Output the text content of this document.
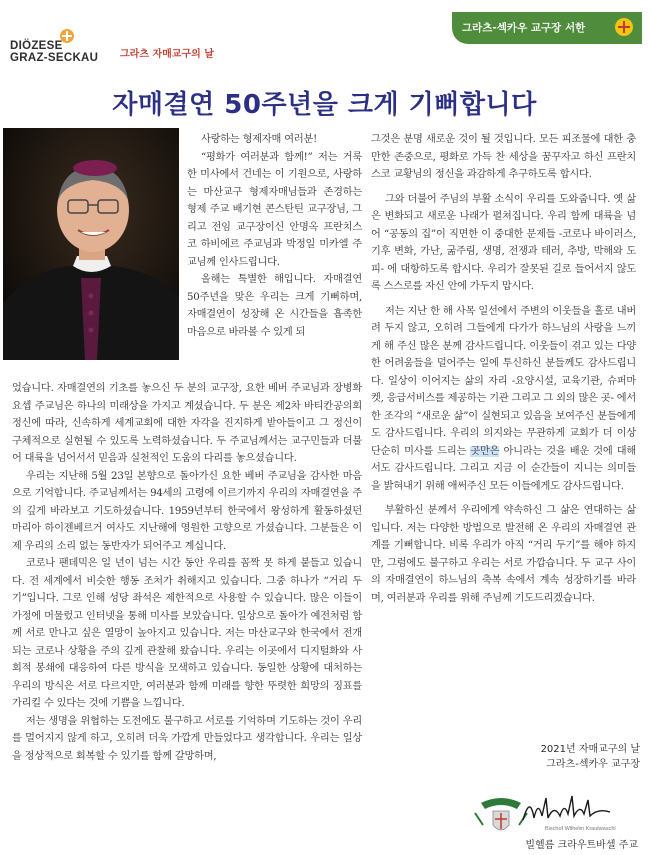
DIÖZESE
GRAZ-SECKAU	그라츠 자매교구의 날
그라츠-섹카우 교구장 서한
자매결연 50주년을 크게 기뻐합니다

사랑하는 형제자매 여러분!

“평화가 여러분과 함께!” 저는 거룩한 미사에서 건네는 이 기원으로, 사랑하는 마산교구 형제자매님들과 존경하는 형제 주교 배기현 콘스탄틴 교구장님, 그리고 전임 교구장이신 안명옥 프란치스코 하비에르 주교님과 박정일 미카엘 주교님께 인사드립니다.

올해는 특별한 해입니다. 자매결연 50주년을 맞은 우리는 크게 기뻐하며, 자매결연이 성장해 온 시간들을 흡족한 마음으로 바라볼 수 있게 되

었습니다. 자매결연의 기초를 놓으신 두 분의 교구장, 요한 베버 주교님과 장병화 요셉 주교님은 하나의 미래상을 가지고 계셨습니다. 두 분은 제2차 바티칸공의회 정신에 따라, 신속하게 세계교회에 대한 자각을 진지하게 받아들이고 그 정신이 구체적으로 실현될 수 있도록 노력하셨습니다. 두 주교님께서는 교구민들과 더불어 대륙을 넘어서서 믿음과 실천적인 도움의 다리를 놓으셨습니다.

우리는 지난해 5월 23일 본향으로 돌아가신 요한 베버 주교님을 감사한 마음으로 기억합니다. 주교님께서는 94세의 고령에 이르기까지 우리의 자매결연을 주의 깊게 바라보고 기도하셨습니다. 1959년부터 한국에서 왕성하게 활동하셨던 마리아 하이젠베르거 여사도 지난해에 영원한 고향으로 가셨습니다. 그분들은 이제 우리의 소리 없는 동반자가 되어주고 계십니다.

코로나 팬데믹은 일 년이 넘는 시간 동안 우리를 꼼짝 못 하게 붙들고 있습니다. 전 세계에서 비슷한 행동 조처가 취해지고 있습니다. 그중 하나가 “거리 두기”입니다. 그로 인해 성당 좌석은 제한적으로 사용할 수 있습니다. 많은 이들이 가정에 머물렀고 인터넷을 통해 미사를 보았습니다. 일상으로 돌아가 예전처럼 함께 서로 만나고 싶은 열망이 높아지고 있습니다. 저는 마산교구와 한국에서 전개되는 코로나 상황을 주의 깊게 관찰해 왔습니다. 우리는 이곳에서 디지털화와 사회적 봉쇄에 대응하여 다른 방식을 모색하고 있습니다. 동일한 상황에 대처하는 우리의 방식은 서로 다르지만, 여러분과 함께 미래를 향한 뚜렷한 희망의 징표를 가리킬 수 있다는 것에 기쁨을 느낍니다.

저는 생명을 위협하는 도전에도 불구하고 서로를 기억하며 기도하는 것이 우리를 멀어지지 않게 하고, 오히려 더욱 가깝게 만들었다고 생각합니다. 우리는 일상을 정상적으로 회복할 수 있기를 함께 갈망하며,

그것은 분명 새로운 것이 될 것입니다. 모든 피조물에 대한 충만한 존중으로, 평화로 가득 찬 세상을 꿈꾸자고 하신 프란치스코 교황님의 정신을 과감하게 추구하도록 합시다.

그와 더불어 주님의 부활 소식이 우리를 도와줍니다. 옛 삶은 변화되고 새로운 나래가 펼쳐집니다. 우리 함께 대륙을 넘어 “공동의 집”이 직면한 이 중대한 문제들 -코로나 바이러스, 기후 변화, 가난, 굶주림, 생명, 전쟁과 테러, 추방, 박해와 도피- 에 대항하도록 합시다. 우리가 잘못된 길로 들어서지 않도록 스스로를 자신 안에 가두지 맙시다.

저는 지난 한 해 사목 일선에서 주변의 이웃들을 홀로 내버려 두지 않고, 오히려 그들에게 다가가 하느님의 사랑을 느끼게 해 주신 많은 분께 감사드립니다. 이웃들이 겪고 있는 다양한 어려움들을 덜어주는 일에 투신하신 분들께도 감사드립니다. 일상이 이어지는 삶의 자리 -요양시설, 교육기관, 슈퍼마켓, 응급서비스를 제공하는 기관 그리고 그 외의 많은 곳- 에서 한 조각의 “새로운 삶”이 실현되고 있음을 보여주신 분들에게도 감사드립니다. 우리의 의지와는 무관하게 교회가 더 이상 단순히 미사를 드리는 곳만은 아니라는 것을 배운 것에 대해서도 감사드립니다. 그리고 지금 이 순간들이 지니는 의미들을 밝혀내기 위해 애써주신 모든 이들에게도 감사드립니다.

부활하신 분께서 우리에게 약속하신 그 삶은 연대하는 삶입니다. 저는 다양한 방법으로 발전해 온 우리의 자매결연 관계를 기뻐합니다. 비록 우리가 아직 “거리 두기”를 해야 하지만, 그럼에도 불구하고 우리는 서로 가깝습니다. 두 교구 사이의 자매결연이 하느님의 축복 속에서 계속 성장하기를 바라며, 여러분과 우리를 위해 주님께 기도드리겠습니다.

2021년 자매교구의 날
그라츠-섹카우 교구장
Bischof Wilhelm Krautwaschl
빌헬름 크라우트바셀 주교
